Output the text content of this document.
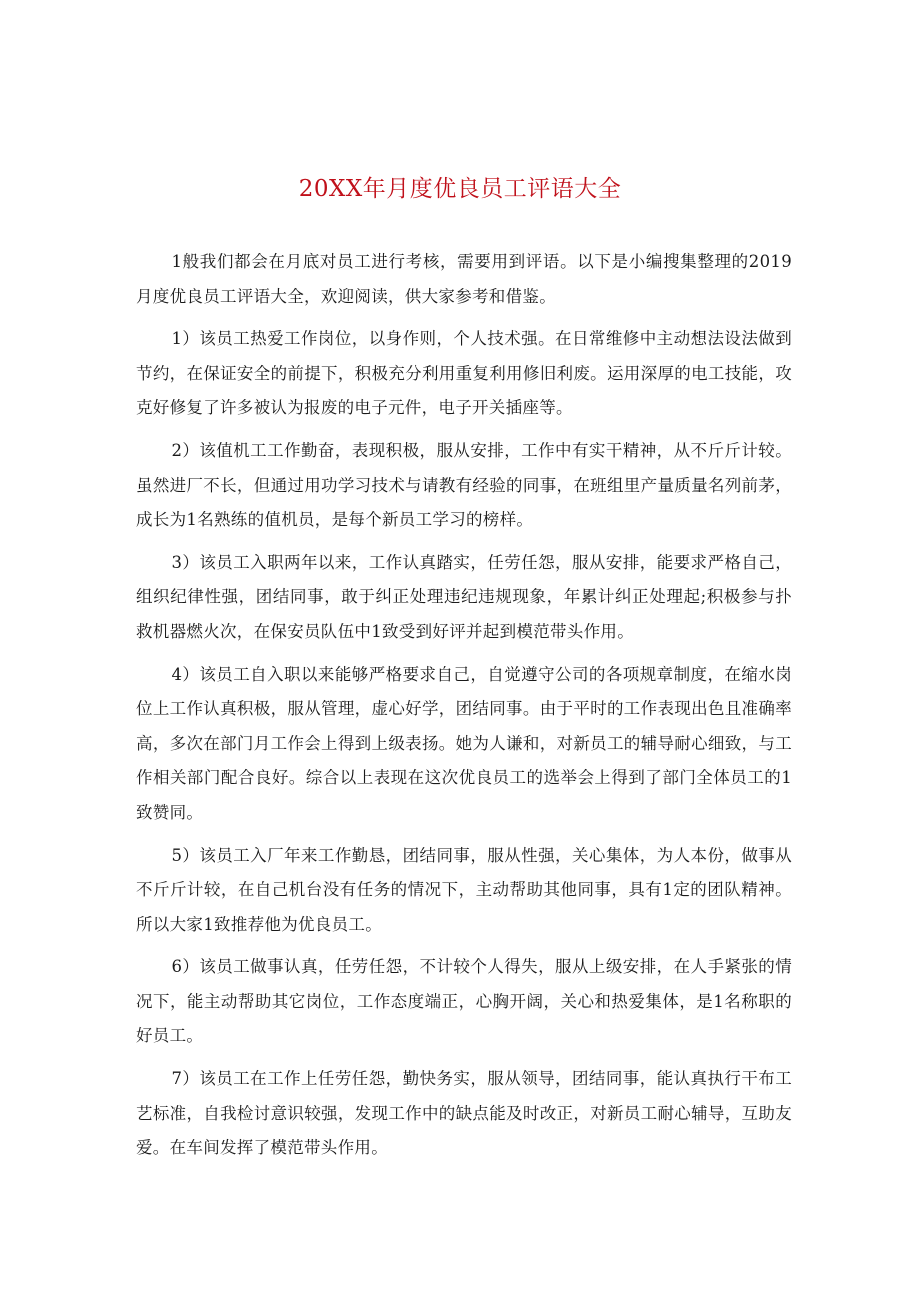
20XX年月度优良员工评语大全

1般我们都会在月底对员工进行考核，需要用到评语。以下是小编搜集整理的2019月度优良员工评语大全，欢迎阅读，供大家参考和借鉴。

1）该员工热爱工作岗位，以身作则，个人技术强。在日常维修中主动想法设法做到节约，在保证安全的前提下，积极充分利用重复利用修旧利废。运用深厚的电工技能，攻克好修复了许多被认为报废的电子元件，电子开关插座等。

2）该值机工工作勤奋，表现积极，服从安排，工作中有实干精神，从不斤斤计较。虽然进厂不长，但通过用功学习技术与请教有经验的同事，在班组里产量质量名列前茅，成长为1名熟练的值机员，是每个新员工学习的榜样。

3）该员工入职两年以来，工作认真踏实，任劳任怨，服从安排，能要求严格自己，组织纪律性强，团结同事，敢于纠正处理违纪违规现象，年累计纠正处理起;积极参与扑救机器燃火次，在保安员队伍中1致受到好评并起到模范带头作用。

4）该员工自入职以来能够严格要求自己，自觉遵守公司的各项规章制度，在缩水岗位上工作认真积极，服从管理，虚心好学，团结同事。由于平时的工作表现出色且准确率高，多次在部门月工作会上得到上级表扬。她为人谦和，对新员工的辅导耐心细致，与工作相关部门配合良好。综合以上表现在这次优良员工的选举会上得到了部门全体员工的1致赞同。

5）该员工入厂年来工作勤恳，团结同事，服从性强，关心集体，为人本份，做事从不斤斤计较，在自己机台没有任务的情况下，主动帮助其他同事，具有1定的团队精神。所以大家1致推荐他为优良员工。

6）该员工做事认真，任劳任怨，不计较个人得失，服从上级安排，在人手紧张的情况下，能主动帮助其它岗位，工作态度端正，心胸开阔，关心和热爱集体，是1名称职的好员工。

7）该员工在工作上任劳任怨，勤快务实，服从领导，团结同事，能认真执行干布工艺标准，自我检讨意识较强，发现工作中的缺点能及时改正，对新员工耐心辅导，互助友爱。在车间发挥了模范带头作用。
